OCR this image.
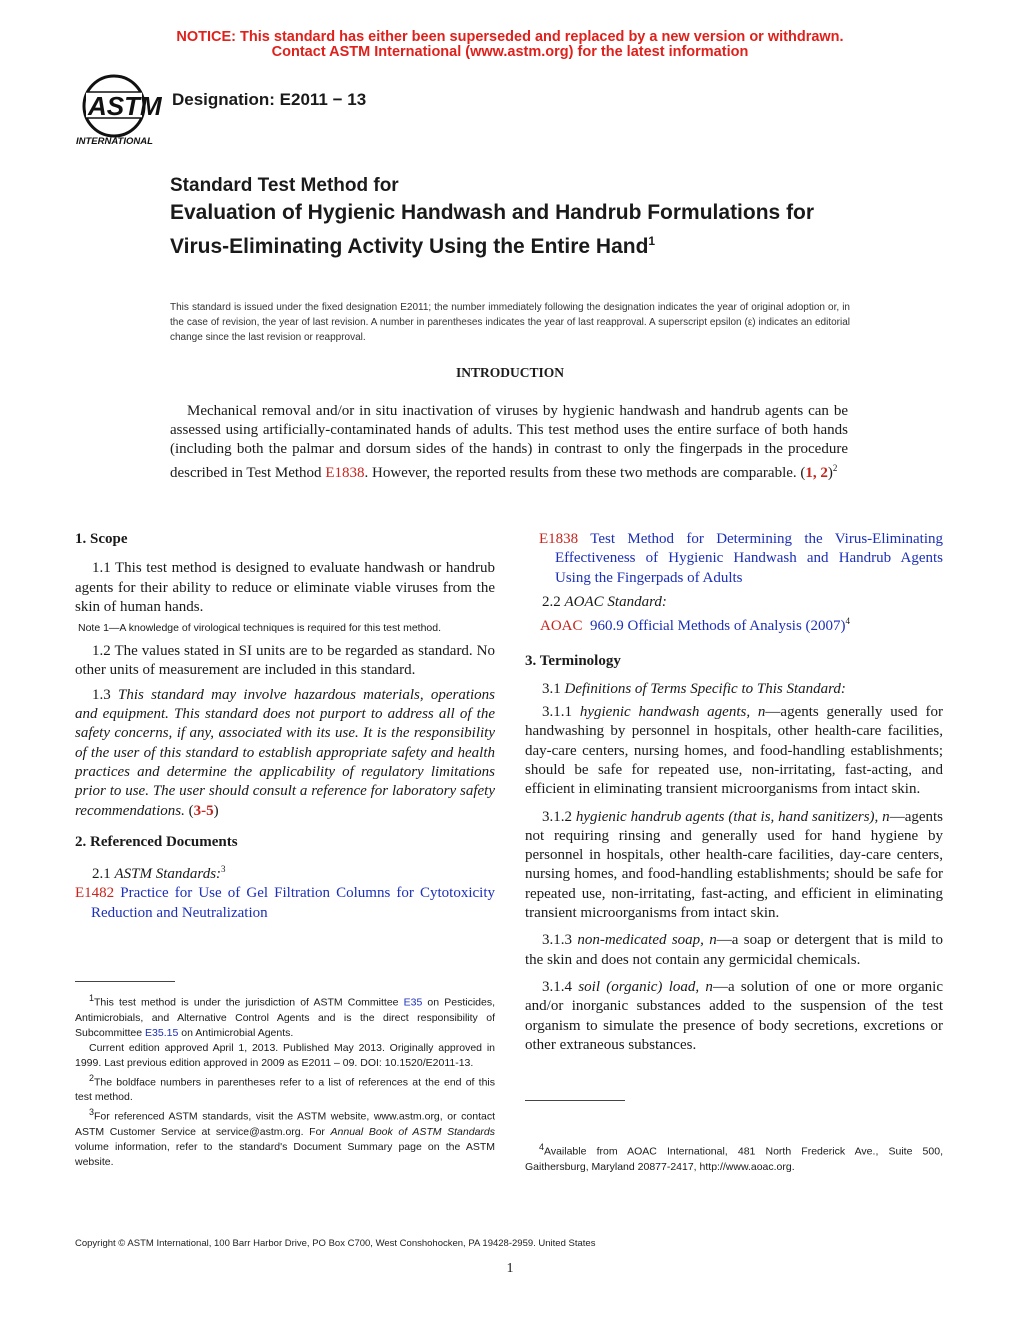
NOTICE: This standard has either been superseded and replaced by a new version or withdrawn.
Contact ASTM International (www.astm.org) for the latest information
ASTM
INTERNATIONAL
Designation: E2011 − 13
Standard Test Method for
Evaluation of Hygienic Handwash and Handrub Formulations for Virus-Eliminating Activity Using the Entire Hand$^1$
This standard is issued under the fixed designation E2011; the number immediately following the designation indicates the year of original adoption or, in the case of revision, the year of last revision. A number in parentheses indicates the year of last reapproval. A superscript epsilon (ε) indicates an editorial change since the last revision or reapproval.
INTRODUCTION
Mechanical removal and/or in situ inactivation of viruses by hygienic handwash and handrub agents can be assessed using artificially-contaminated hands of adults. This test method uses the entire surface of both hands (including both the palmar and dorsum sides of the hands) in contrast to only the fingerpads in the procedure described in Test Method E1838. However, the reported results from these two methods are comparable. (1, 2)$^2$

1. Scope

1.1 This test method is designed to evaluate handwash or handrub agents for their ability to reduce or eliminate viable viruses from the skin of human hands.

Note 1—A knowledge of virological techniques is required for this test method.

1.2 The values stated in SI units are to be regarded as standard. No other units of measurement are included in this standard.

1.3 This standard may involve hazardous materials, operations and equipment. This standard does not purport to address all of the safety concerns, if any, associated with its use. It is the responsibility of the user of this standard to establish appropriate safety and health practices and determine the applicability of regulatory limitations prior to use. The user should consult a reference for laboratory safety recommendations. (3-5)

2. Referenced Documents

2.1 ASTM Standards:$^3$

E1482 Practice for Use of Gel Filtration Columns for Cytotoxicity Reduction and Neutralization

$^1$This test method is under the jurisdiction of ASTM Committee E35 on Pesticides, Antimicrobials, and Alternative Control Agents and is the direct responsibility of Subcommittee E35.15 on Antimicrobial Agents.

Current edition approved April 1, 2013. Published May 2013. Originally approved in 1999. Last previous edition approved in 2009 as E2011 – 09. DOI: 10.1520/E2011-13.

$^2$The boldface numbers in parentheses refer to a list of references at the end of this test method.

$^3$For referenced ASTM standards, visit the ASTM website, www.astm.org, or contact ASTM Customer Service at service@astm.org. For Annual Book of ASTM Standards volume information, refer to the standard's Document Summary page on the ASTM website.

E1838 Test Method for Determining the Virus-Eliminating Effectiveness of Hygienic Handwash and Handrub Agents Using the Fingerpads of Adults

2.2 AOAC Standard:

AOAC 960.9 Official Methods of Analysis $(2007)^4$

3. Terminology

3.1 Definitions of Terms Specific to This Standard:

3.1.1 hygienic handwash agents, n—agents generally used for handwashing by personnel in hospitals, other health-care facilities, day-care centers, nursing homes, and food-handling establishments; should be safe for repeated use, non-irritating, fast-acting, and efficient in eliminating transient microorganisms from intact skin.

3.1.2 hygienic handrub agents (that is, hand sanitizers), n—agents not requiring rinsing and generally used for hand hygiene by personnel in hospitals, other health-care facilities, day-care centers, nursing homes, and food-handling establishments; should be safe for repeated use, non-irritating, fast-acting, and efficient in eliminating transient microorganisms from intact skin.

3.1.3 non-medicated soap, n—a soap or detergent that is mild to the skin and does not contain any germicidal chemicals.

3.1.4 soil (organic) load, n—a solution of one or more organic and/or inorganic substances added to the suspension of the test organism to simulate the presence of body secretions, excretions or other extraneous substances.

$^4$Available from AOAC International, 481 North Frederick Ave., Suite 500, Gaithersburg, Maryland 20877-2417, http://www.aoac.org.

Copyright © ASTM International, 100 Barr Harbor Drive, PO Box C700, West Conshohocken, PA 19428-2959. United States
1
